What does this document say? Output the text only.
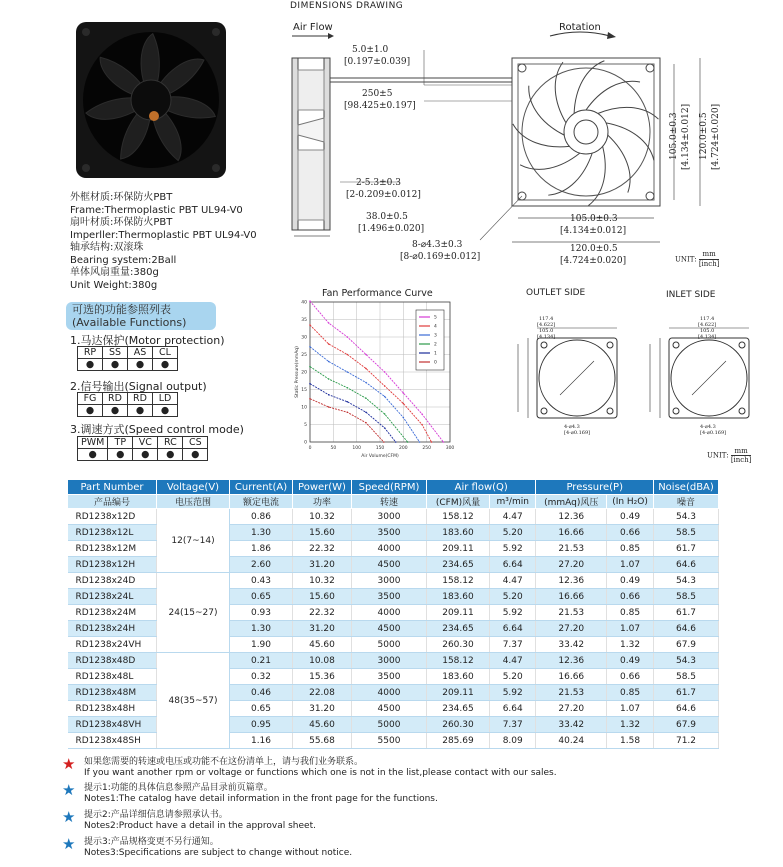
DIMENSIONS DRAWING
Air Flow	Rotation
5.0±1.0
[0.197±0.039]
250±5
[98.425±0.197]
2-5.3±0.3
[2-0.209±0.012]
38.0±0.5
[1.496±0.020]
8-⌀4.3±0.3
[8-⌀0.169±0.012]
105.0±0.3
[4.134±0.012]
120.0±0.5
[4.724±0.020]
105.0±0.3 [4.134±0.012] 120.0±0.5 [4.724±0.020]
UNIT:
mm
[inch]
外框材质:环保防火PBT
Frame:Thermoplastic PBT UL94-V0
扇叶材质:环保防火PBT
Imperller:Thermoplastic PBT UL94-V0
轴承结构:双滚珠
Bearing system:2Ball
单体风扇重量:380g
Unit Weight:380g
可选的功能参照列表
(Available Functions)
1.马达保护(Motor protection)
RP	SS	AS	CL
●	●	●	●
2.信号输出(Signal output)
FG	RD	$\overline{RD}$	LD
●	●	●	●
3.调速方式(Speed control mode)
PWM	TP	VC	RC	CS
●	●	●	●	●
Fan Performance Curve
0	50	100	150	200	250	300
0
5
10
15
20
25
30
35
40
Static Pressure(mmAq)
Air Volume(CFM)
5
4
3
2
1
0
OUTLET SIDE	INLET SIDE
117.4
[4.622]
105.0
[4.134]
4-⌀4.3
[4-⌀0.169]
117.4
[4.622]
105.0
[4.134]
4-⌀4.3
[4-⌀0.169]
UNIT:
mm
[inch]
Part Number	Voltage(V)	Current(A)	Power(W)	Speed(RPM)	Air flow(Q)		Pressure(P)		Noise(dBA)
产品编号	电压范围	额定电流	功率	转速	(CFM)风量	m³/min	(mmAq)风压	(In H₂O)	噪音
RD1238x12D	12(7~14)	0.86	10.32	3000	158.12	4.47	12.36	0.49	54.3
RD1238x12L		1.30	15.60	3500	183.60	5.20	16.66	0.66	58.5
RD1238x12M		1.86	22.32	4000	209.11	5.92	21.53	0.85	61.7
RD1238x12H		2.60	31.20	4500	234.65	6.64	27.20	1.07	64.6
RD1238x24D	24(15~27)	0.43	10.32	3000	158.12	4.47	12.36	0.49	54.3
RD1238x24L		0.65	15.60	3500	183.60	5.20	16.66	0.66	58.5
RD1238x24M		0.93	22.32	4000	209.11	5.92	21.53	0.85	61.7
RD1238x24H		1.30	31.20	4500	234.65	6.64	27.20	1.07	64.6
RD1238x24VH		1.90	45.60	5000	260.30	7.37	33.42	1.32	67.9
RD1238x48D	48(35~57)	0.21	10.08	3000	158.12	4.47	12.36	0.49	54.3
RD1238x48L		0.32	15.36	3500	183.60	5.20	16.66	0.66	58.5
RD1238x48M		0.46	22.08	4000	209.11	5.92	21.53	0.85	61.7
RD1238x48H		0.65	31.20	4500	234.65	6.64	27.20	1.07	64.6
RD1238x48VH		0.95	45.60	5000	260.30	7.37	33.42	1.32	67.9
RD1238x48SH		1.16	55.68	5500	285.69	8.09	40.24	1.58	71.2
★ 如果您需要的转速或电压或功能不在这份清单上，请与我们业务联系。
If you want another rpm or voltage or functions which one is not in the list,please contact with our sales.
★ 提示1:功能的具体信息参照产品目录前页篇章。
Notes1:The catalog have detail information in the front page for the functions.
★ 提示2:产品详细信息请参照承认书。
Notes2:Product have a detail in the approval sheet.
★ 提示3:产品规格变更不另行通知。
Notes3:Specifications are subject to change without notice.
